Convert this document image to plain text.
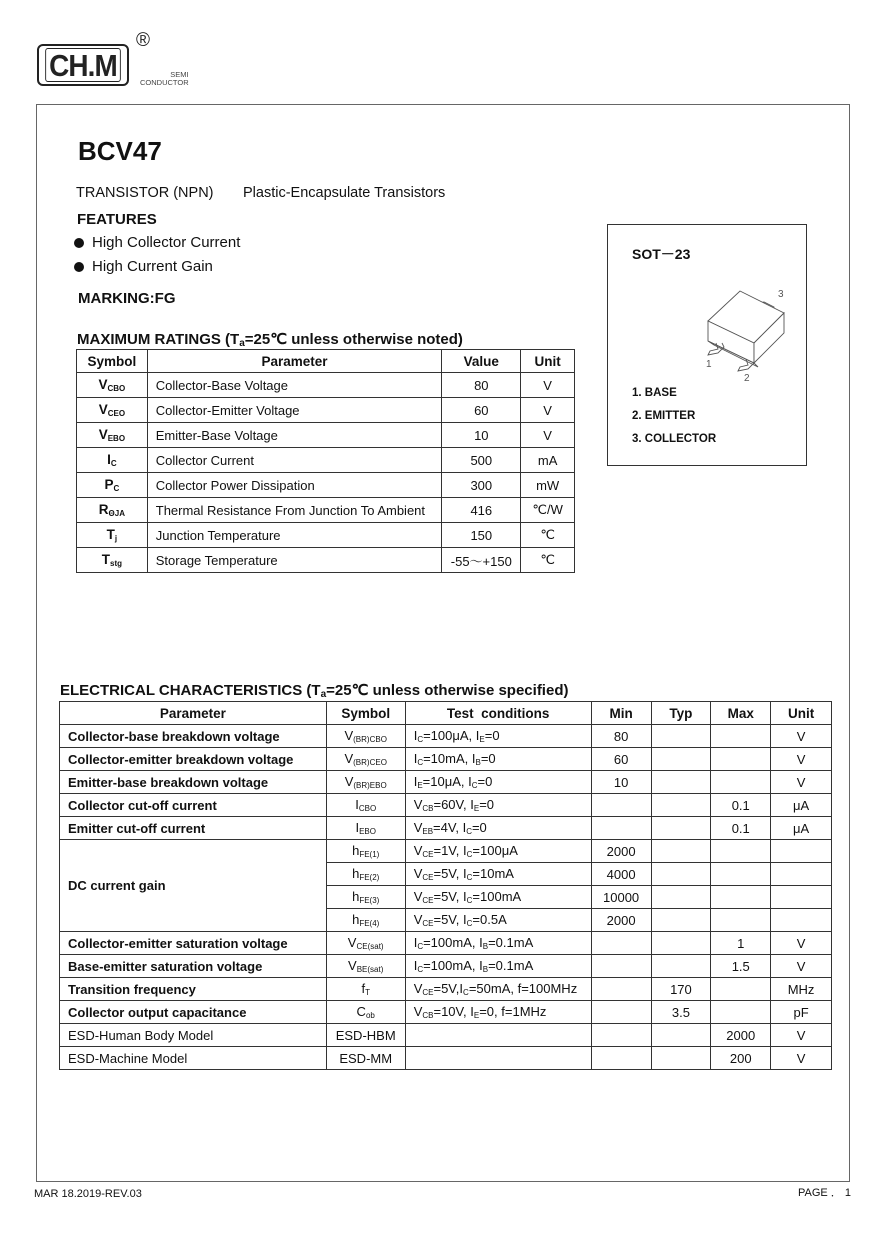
CH.M
®
SEMI
CONDUCTOR
BCV47
TRANSISTOR (NPN) Plastic-Encapsulate Transistors
FEATURES
High Collector Current
High Current Gain
MARKING:FG
SOT－23
1
2
3
1. BASE
2. EMITTER
3. COLLECTOR
MAXIMUM RATINGS ($T_a=25℃$ unless otherwise noted)
Symbol	Parameter	Value	Unit
$V_{CBO}$	Collector-Base Voltage	80	V
$V_{CEO}$	Collector-Emitter Voltage	60	V
$V_{EBO}$	Emitter-Base Voltage	10	V
$I_C$	Collector Current	500	mA
$P_C$	Collector Power Dissipation	300	mW
$R_{\Theta JA}$	Thermal Resistance From Junction To Ambient	416	℃/W
$T_j$	Junction Temperature	150	℃
$T_{stg}$	Storage Temperature	-55～+150	℃
ELECTRICAL CHARACTERISTICS ($T_a=25℃$ unless otherwise specified)
Parameter	Symbol	Test  conditions	Min	Typ	Max	Unit
Collector-base breakdown voltage	$V_{(BR)CBO}$	$I_C=100\mu A$, $I_E=0$	80			V
Collector-emitter breakdown voltage	$V_{(BR)CEO}$	$I_C=10mA$, $I_B=0$	60			V
Emitter-base breakdown voltage	$V_{(BR)EBO}$	$I_E=10\mu A$, $I_C=0$	10			V
Collector cut-off current	$I_{CBO}$	$V_{CB}=60V$, $I_E=0$			0.1	μA
Emitter cut-off current	$I_{EBO}$	$V_{EB}=4V$, $I_C=0$			0.1	μA
DC current gain	$h_{FE(1)}$	$V_{CE}=1V$, $I_C=100\mu A$	2000			
	$h_{FE(2)}$	$V_{CE}=5V$, $I_C=10mA$	4000			
	$h_{FE(3)}$	$V_{CE}=5V$, $I_C=100mA$	10000			
	$h_{FE(4)}$	$V_{CE}=5V$, $I_C=0.5A$	2000			
Collector-emitter saturation voltage	$V_{CE(sat)}$	$I_C=100mA$, $I_B=0.1mA$			1	V
Base-emitter saturation voltage	$V_{BE(sat)}$	$I_C=100mA$, $I_B=0.1mA$			1.5	V
Transition frequency	$f_T$	$V_{CE}=5V,I_C=50mA$, f=100MHz		170		MHz
Collector output capacitance	$C_{ob}$	$V_{CB}=10V$, $I_E=0$, f=1MHz		3.5		pF
ESD-Human Body Model	ESD-HBM				2000	V
ESD-Machine Model	ESD-MM				200	V
MAR 18.2019-REV.03	PAGE ． 1
